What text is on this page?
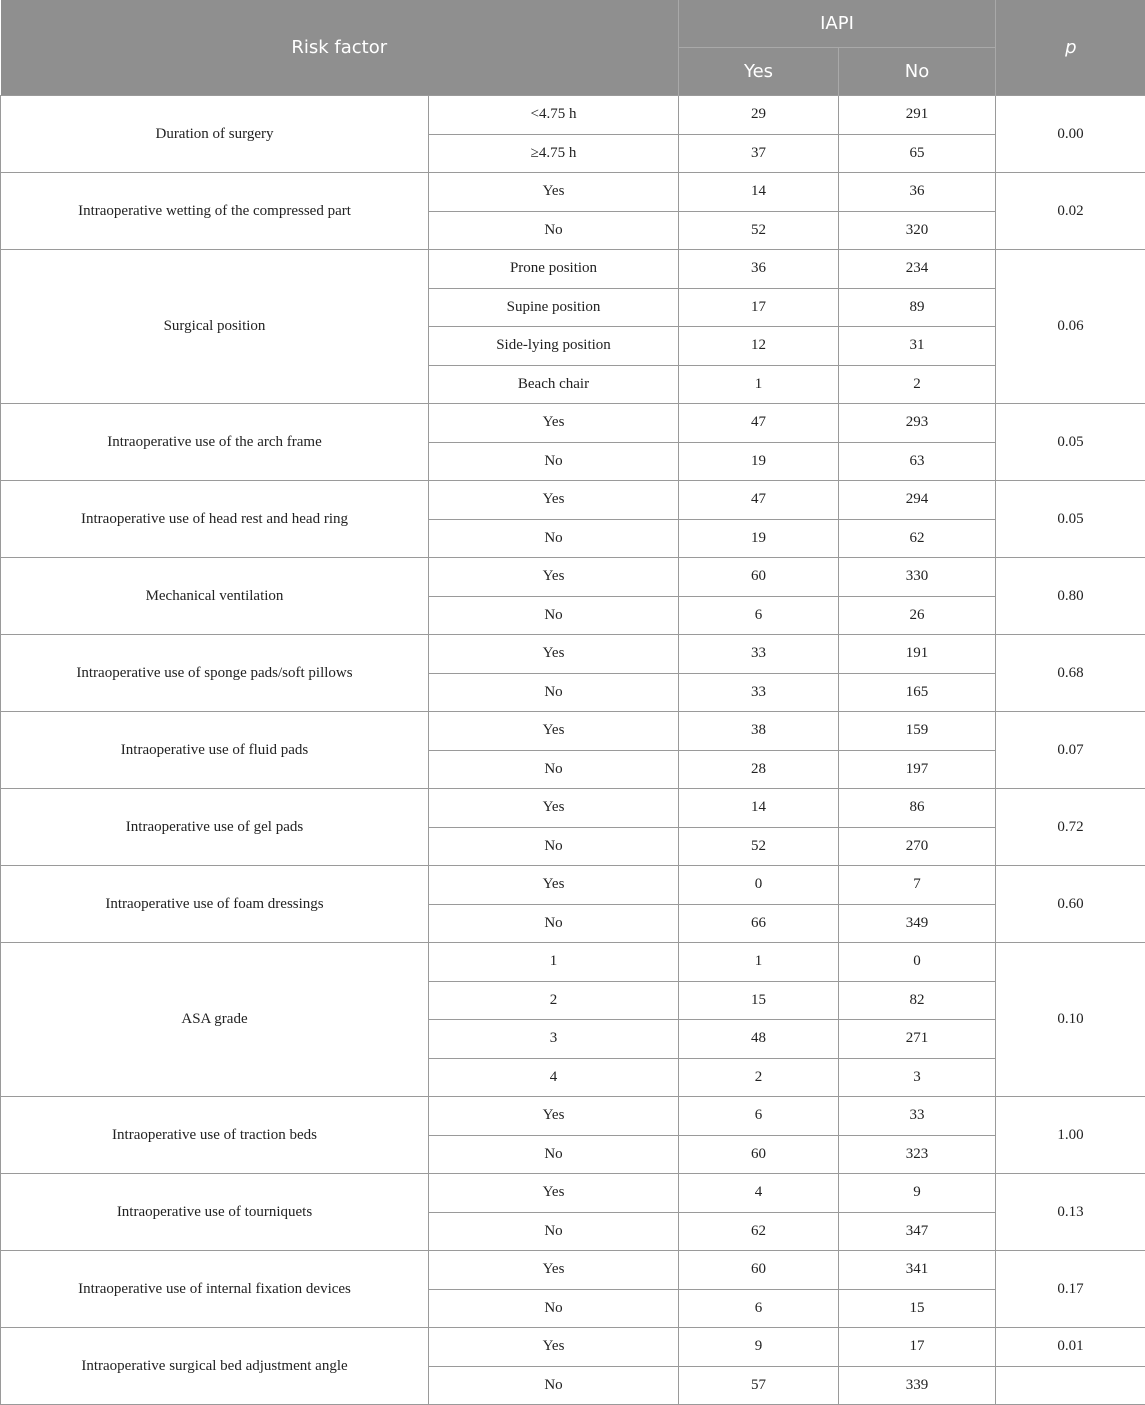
Risk factor		IAPI		p
		Yes	No	
Duration of surgery	<4.75 h	29	291	0.00
	≥4.75 h	37	65	
Intraoperative wetting of the compressed part	Yes	14	36	0.02
	No	52	320	
Surgical position	Prone position	36	234	0.06
	Supine position	17	89	
	Side-lying position	12	31	
	Beach chair	1	2	
Intraoperative use of the arch frame	Yes	47	293	0.05
	No	19	63	
Intraoperative use of head rest and head ring	Yes	47	294	0.05
	No	19	62	
Mechanical ventilation	Yes	60	330	0.80
	No	6	26	
Intraoperative use of sponge pads/soft pillows	Yes	33	191	0.68
	No	33	165	
Intraoperative use of fluid pads	Yes	38	159	0.07
	No	28	197	
Intraoperative use of gel pads	Yes	14	86	0.72
	No	52	270	
Intraoperative use of foam dressings	Yes	0	7	0.60
	No	66	349	
ASA grade	1	1	0	0.10
	2	15	82	
	3	48	271	
	4	2	3	
Intraoperative use of traction beds	Yes	6	33	1.00
	No	60	323	
Intraoperative use of tourniquets	Yes	4	9	0.13
	No	62	347	
Intraoperative use of internal fixation devices	Yes	60	341	0.17
	No	6	15	
Intraoperative surgical bed adjustment angle	Yes	9	17	0.01
	No	57	339	
